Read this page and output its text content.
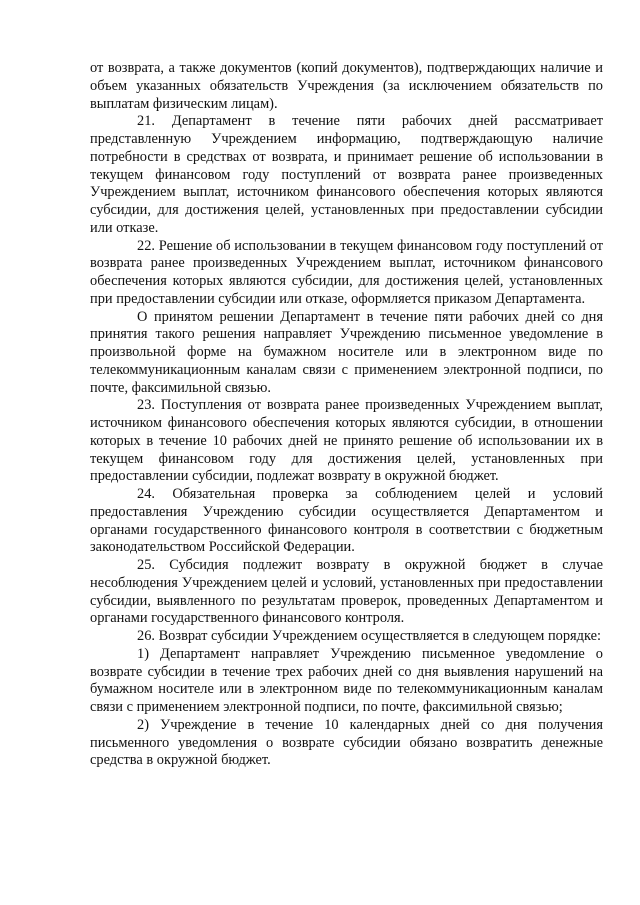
от возврата, а также документов (копий документов), подтверждающих наличие и объем указанных обязательств Учреждения (за исключением обязательств по выплатам физическим лицам).

21. Департамент в течение пяти рабочих дней рассматривает представленную Учреждением информацию, подтверждающую наличие потребности в средствах от возврата, и принимает решение об использовании в текущем финансовом году поступлений от возврата ранее произведенных Учреждением выплат, источником финансового обеспечения которых являются субсидии, для достижения целей, установленных при предоставлении субсидии или отказе.

22. Решение об использовании в текущем финансовом году поступлений от возврата ранее произведенных Учреждением выплат, источником финансового обеспечения которых являются субсидии, для достижения целей, установленных при предоставлении субсидии или отказе, оформляется приказом Департамента.

О принятом решении Департамент в течение пяти рабочих дней со дня принятия такого решения направляет Учреждению письменное уведомление в произвольной форме на бумажном носителе или в электронном виде по телекоммуникационным каналам связи с применением электронной подписи, по почте, факсимильной связью.

23. Поступления от возврата ранее произведенных Учреждением выплат, источником финансового обеспечения которых являются субсидии, в отношении которых в течение 10 рабочих дней не принято решение об использовании их в текущем финансовом году для достижения целей, установленных при предоставлении субсидии, подлежат возврату в окружной бюджет.

24. Обязательная проверка за соблюдением целей и условий предоставления Учреждению субсидии осуществляется Департаментом и органами государственного финансового контроля в соответствии с бюджетным законодательством Российской Федерации.

25. Субсидия подлежит возврату в окружной бюджет в случае несоблюдения Учреждением целей и условий, установленных при предоставлении субсидии, выявленного по результатам проверок, проведенных Департаментом и органами государственного финансового контроля.

26. Возврат субсидии Учреждением осуществляется в следующем порядке:

1) Департамент направляет Учреждению письменное уведомление о возврате субсидии в течение трех рабочих дней со дня выявления нарушений на бумажном носителе или в электронном виде по телекоммуникационным каналам связи с применением электронной подписи, по почте, факсимильной связью;

2) Учреждение в течение 10 календарных дней со дня получения письменного уведомления о возврате субсидии обязано возвратить денежные средства в окружной бюджет.
